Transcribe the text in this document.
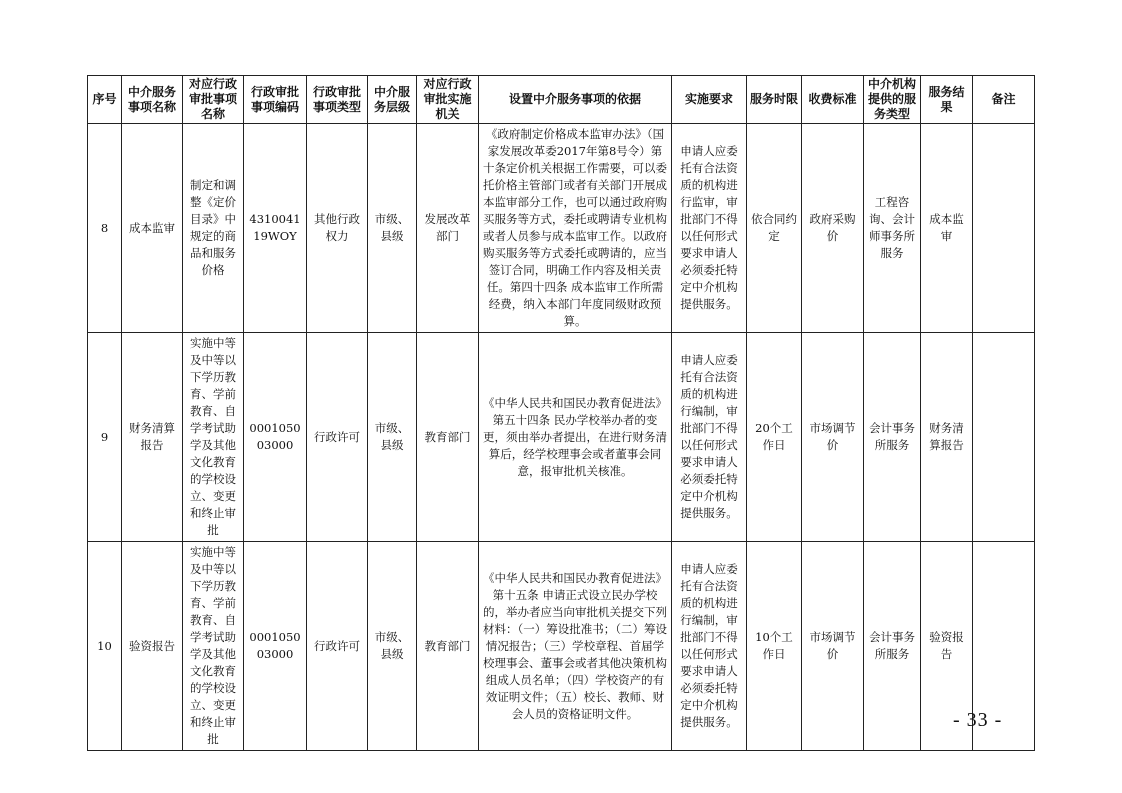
序号	中介服务事项名称	对应行政审批事项名称	行政审批事项编码	行政审批事项类型	中介服务层级	对应行政审批实施机关	设置中介服务事项的依据	实施要求	服务时限	收费标准	中介机构提供的服务类型	服务结果	备注
8	成本监审	制定和调整《定价目录》中规定的商品和服务价格	431004119WOY	其他行政权力	市级、县级	发展改革部门	《政府制定价格成本监审办法》（国家发展改革委2017年第8号令）第十条定价机关根据工作需要，可以委托价格主管部门或者有关部门开展成本监审部分工作，也可以通过政府购买服务等方式，委托或聘请专业机构或者人员参与成本监审工作。以政府购买服务等方式委托或聘请的，应当签订合同，明确工作内容及相关责任。第四十四条 成本监审工作所需经费，纳入本部门年度同级财政预算。	申请人应委托有合法资质的机构进行监审，审批部门不得以任何形式要求申请人必须委托特定中介机构提供服务。	依合同约定	政府采购价	工程咨询、会计师事务所服务	成本监审	
9	财务清算报告	实施中等及中等以下学历教育、学前教育、自学考试助学及其他文化教育的学校设立、变更和终止审批	000105003000	行政许可	市级、县级	教育部门	《中华人民共和国民办教育促进法》第五十四条 民办学校举办者的变更，须由举办者提出，在进行财务清算后，经学校理事会或者董事会同意，报审批机关核准。	申请人应委托有合法资质的机构进行编制，审批部门不得以任何形式要求申请人必须委托特定中介机构提供服务。	20个工作日	市场调节价	会计事务所服务	财务清算报告	
10	验资报告	实施中等及中等以下学历教育、学前教育、自学考试助学及其他文化教育的学校设立、变更和终止审批	000105003000	行政许可	市级、县级	教育部门	《中华人民共和国民办教育促进法》第十五条 申请正式设立民办学校的，举办者应当向审批机关提交下列材料：（一）筹设批准书；（二）筹设情况报告；（三）学校章程、首届学校理事会、董事会或者其他决策机构组成人员名单；（四）学校资产的有效证明文件；（五）校长、教师、财会人员的资格证明文件。	申请人应委托有合法资质的机构进行编制，审批部门不得以任何形式要求申请人必须委托特定中介机构提供服务。	10个工作日	市场调节价	会计事务所服务	验资报告	
- 33 -
